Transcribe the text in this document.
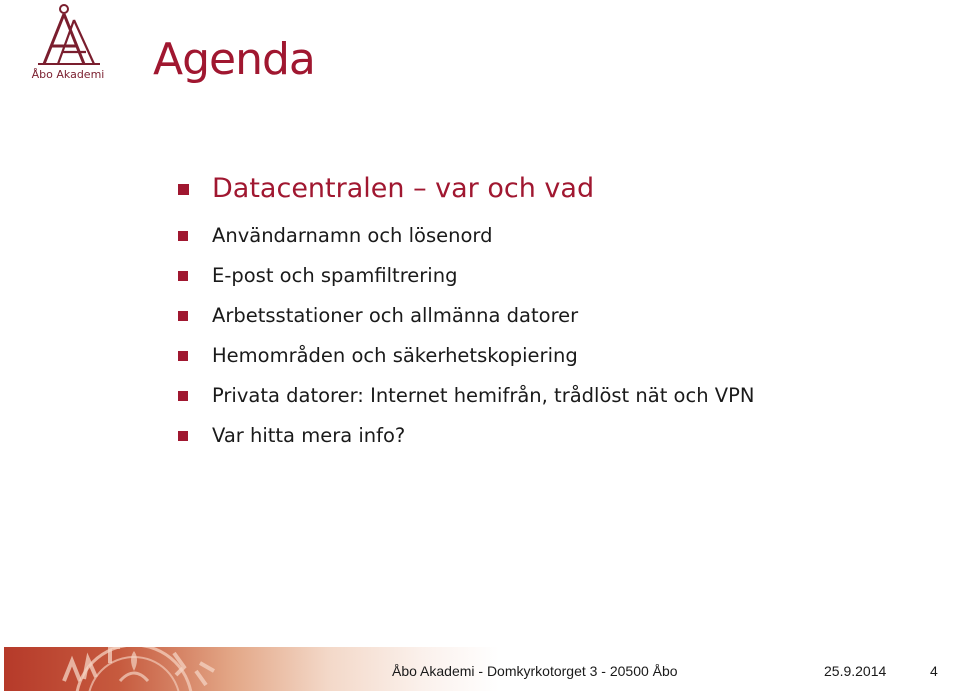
Åbo Akademi Agenda
Datacentralen – var och vad
Användarnamn och lösenord
E-post och spamfiltrering
Arbetsstationer och allmänna datorer
Hemområden och säkerhetskopiering
Privata datorer: Internet hemifrån, trådlöst nät och VPN
Var hitta mera info?
Åbo Akademi - Domkyrkotorget 3 - 20500 Åbo	25.9.2014	4
